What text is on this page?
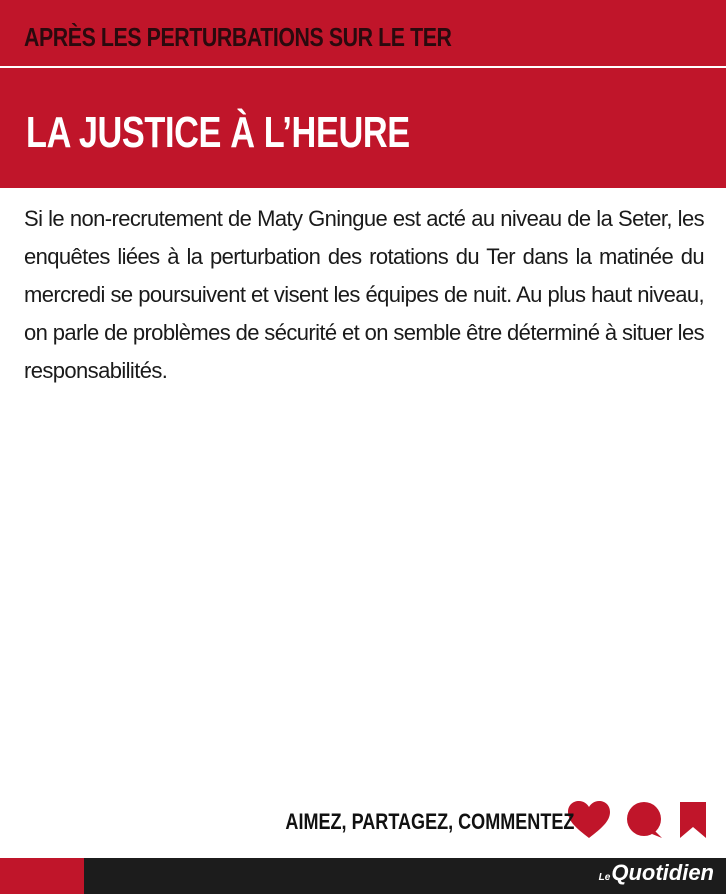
APRÈS LES PERTURBATIONS SUR LE TER
LA JUSTICE À L’HEURE
Si le non-recrutement de Maty Gningue est acté au niveau de la Seter, les enquêtes liées à la perturbation des rotations du Ter dans la matinée du mercredi se poursuivent et visent les équipes de nuit. Au plus haut niveau, on parle de problèmes de sécurité et on semble être déterminé à situer les responsabilités.
AIMEZ, PARTAGEZ, COMMENTEZ
LeQuotidien
